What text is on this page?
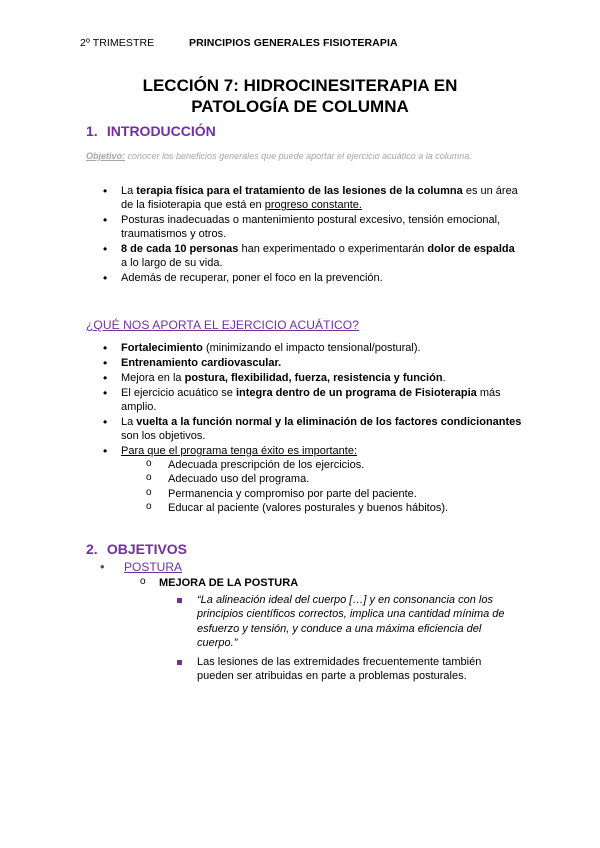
2º TRIMESTRE	PRINCIPIOS GENERALES FISIOTERAPIA
LECCIÓN 7: HIDROCINESITERAPIA EN
PATOLOGÍA DE COLUMNA
1. INTRODUCCIÓN
Objetivo: conocer los beneficios generales que puede aportar el ejercicio acuático a la columna.
• La terapia física para el tratamiento de las lesiones de la columna es un área de la fisioterapia que está en progreso constante.
• Posturas inadecuadas o mantenimiento postural excesivo, tensión emocional, traumatismos y otros.
• 8 de cada 10 personas han experimentado o experimentarán dolor de espalda a lo largo de su vida.
• Además de recuperar, poner el foco en la prevención.
¿QUÉ NOS APORTA EL EJERCICIO ACUÁTICO?
• Fortalecimiento (minimizando el impacto tensional/postural).
• Entrenamiento cardiovascular.
• Mejora en la postura, flexibilidad, fuerza, resistencia y función.
• El ejercicio acuático se integra dentro de un programa de Fisioterapia más amplio.
• La vuelta a la función normal y la eliminación de los factores condicionantes son los objetivos.
• Para que el programa tenga éxito es importante:
o Adecuada prescripción de los ejercicios.
o Adecuado uso del programa.
o Permanencia y compromiso por parte del paciente.
o Educar al paciente (valores posturales y buenos hábitos).
2. OBJETIVOS
• POSTURA
o MEJORA DE LA POSTURA
“La alineación ideal del cuerpo […] y en consonancia con los principios científicos correctos, implica una cantidad mínima de esfuerzo y tensión, y conduce a una máxima eficiencia del cuerpo.”
Las lesiones de las extremidades frecuentemente también pueden ser atribuidas en parte a problemas posturales.
